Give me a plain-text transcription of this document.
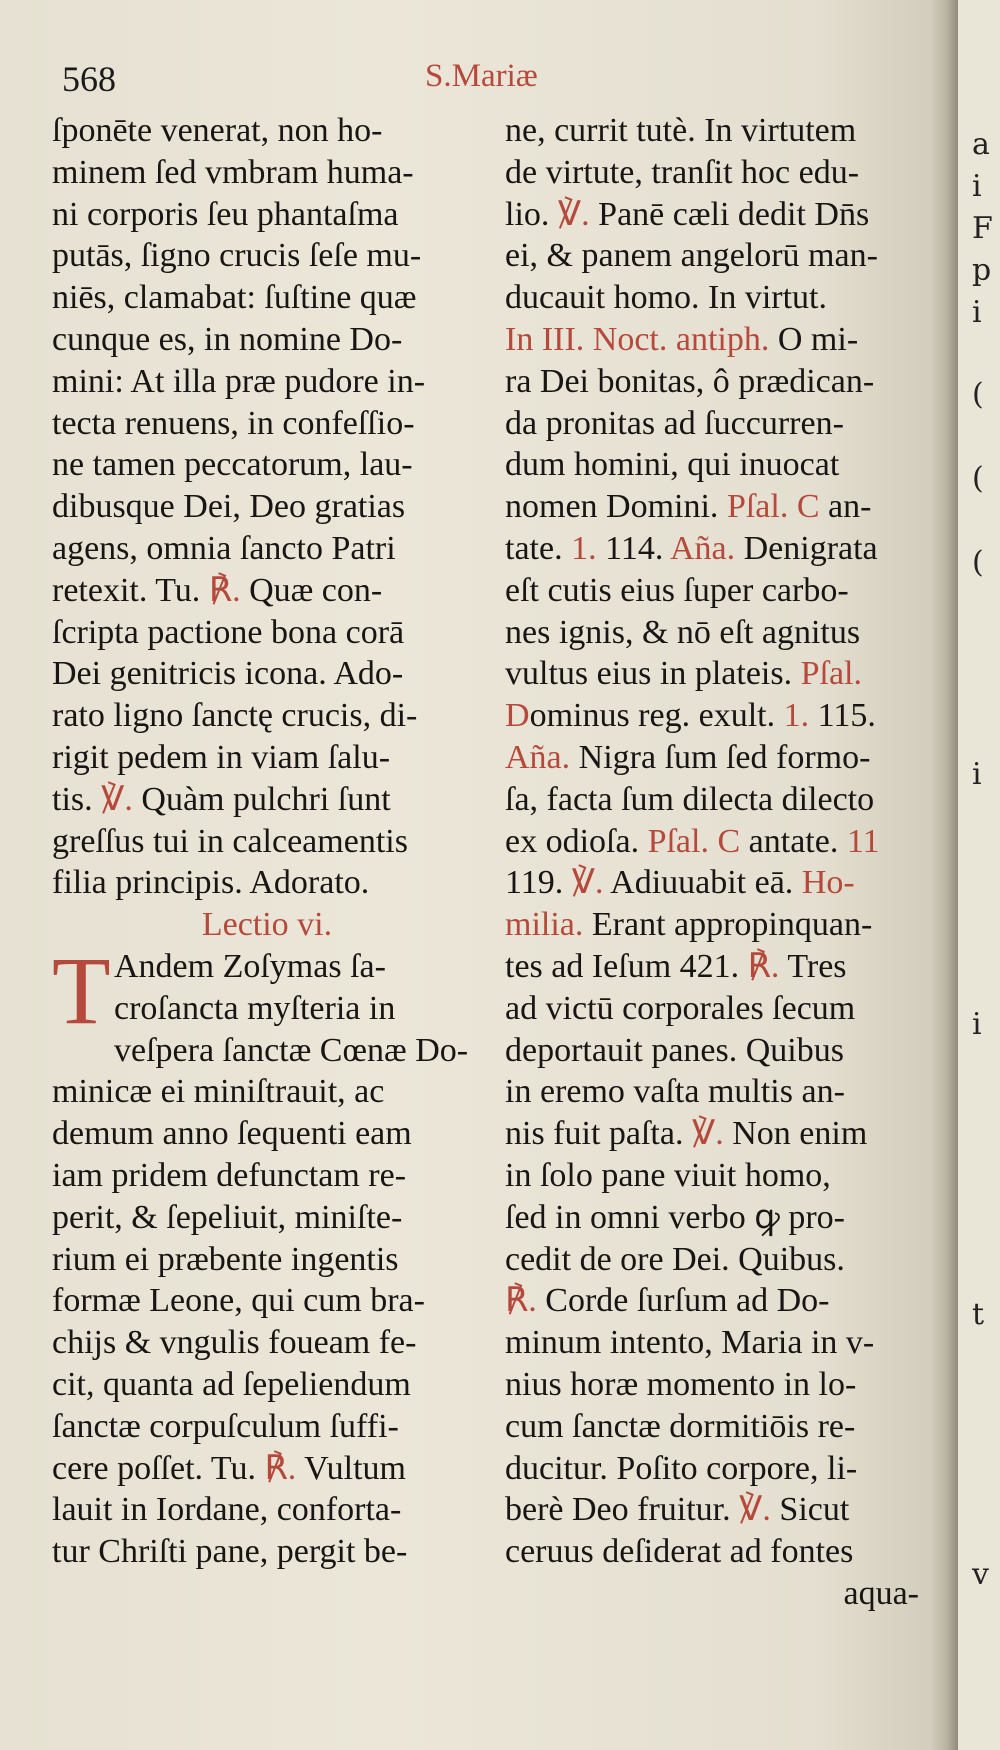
a
i
F
p
i
(
(
(
i
i
t
v
568	S.Mariæ
ſponēte venerat, non ho-
minem ſed vmbram huma-
ni corporis ſeu phantaſma
putās, ſigno crucis ſeſe mu-
niēs, clamabat: ſuſtine quæ
cunque es, in nomine Do-
mini: At illa præ pudore in-
tecta renuens, in confeſſio-
ne tamen peccatorum, lau-
dibusque Dei, Deo gratias
agens, omnia ſancto Patri
retexit. Tu. ℟. Quæ con-
ſcripta pactione bona corā
Dei genitricis icona. Ado-
rato ligno ſanctę crucis, di-
rigit pedem in viam ſalu-
tis. ℣. Quàm pulchri ſunt
greſſus tui in calceamentis
filia principis. Adorato.
Lectio vi.
T Andem Zoſymas ſa-
croſancta myſteria in
veſpera ſanctæ Cœnæ Do-
minicæ ei miniſtrauit, ac
demum anno ſequenti eam
iam pridem defunctam re-
perit, & ſepeliuit, miniſte-
rium ei præbente ingentis
formæ Leone, qui cum bra-
chijs & vngulis foueam fe-
cit, quanta ad ſepeliendum
ſanctæ corpuſculum ſuffi-
cere poſſet. Tu. ℟. Vultum
lauit in Iordane, conforta-
tur Chriſti pane, pergit be-
ne, currit tutè. In virtutem
de virtute, tranſit hoc edu-
lio. ℣. Panē cæli dedit Dn̄s
ei, & panem angelorū man-
ducauit homo. In virtut.
In III. Noct. antiph. O mi-
ra Dei bonitas, ô prædican-
da pronitas ad ſuccurren-
dum homini, qui inuocat
nomen Domini. Pſal. C an-
tate. 1. 114. Aña. Denigrata
eſt cutis eius ſuper carbo-
nes ignis, & nō eſt agnitus
vultus eius in plateis. Pſal.
Dominus reg. exult. 1. 115.
Aña. Nigra ſum ſed formo-
ſa, facta ſum dilecta dilecto
ex odioſa. Pſal. C antate. 11
119. ℣. Adiuuabit eā. Ho-
milia. Erant appropinquan-
tes ad Ieſum 421. ℟. Tres
ad victū corporales ſecum
deportauit panes. Quibus
in eremo vaſta multis an-
nis fuit paſta. ℣. Non enim
in ſolo pane viuit homo,
ſed in omni verbo ꝙ pro-
cedit de ore Dei. Quibus.
℟. Corde ſurſum ad Do-
minum intento, Maria in v-
nius horæ momento in lo-
cum ſanctæ dormitiōis re-
ducitur. Poſito corpore, li-
berè Deo fruitur. ℣. Sicut
ceruus deſiderat ad fontes
aqua-
